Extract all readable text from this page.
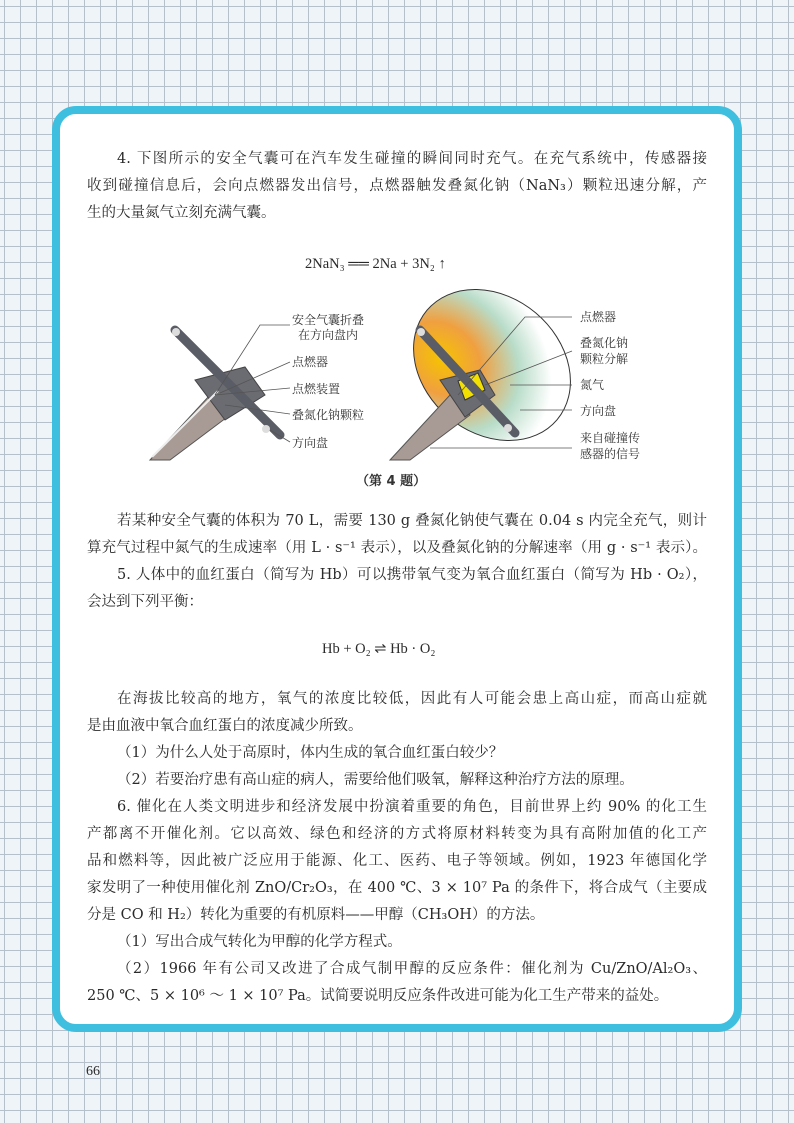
4. 下图所示的安全气囊可在汽车发生碰撞的瞬间同时充气。在充气系统中，传感器接
收到碰撞信息后，会向点燃器发出信号，点燃器触发叠氮化钠（NaN₃）颗粒迅速分解，产
生的大量氮气立刻充满气囊。
2NaN₃ ══ 2Na + 3N₂ ↑
安全气囊折叠
在方向盘内
点燃器
点燃装置
叠氮化钠颗粒
方向盘
点燃器
叠氮化钠
颗粒分解
氮气
方向盘
来自碰撞传
感器的信号
（第 4 题）
若某种安全气囊的体积为 70 L，需要 130 g 叠氮化钠使气囊在 0.04 s 内完全充气，则计
算充气过程中氮气的生成速率（用 L · s⁻¹ 表示），以及叠氮化钠的分解速率（用 g · s⁻¹ 表示）。
5. 人体中的血红蛋白（简写为 Hb）可以携带氧气变为氧合血红蛋白（简写为 Hb · O₂），
会达到下列平衡：
Hb + O₂ ⇌ Hb · O₂
在海拔比较高的地方，氧气的浓度比较低，因此有人可能会患上高山症，而高山症就
是由血液中氧合血红蛋白的浓度减少所致。
（1）为什么人处于高原时，体内生成的氧合血红蛋白较少？
（2）若要治疗患有高山症的病人，需要给他们吸氧，解释这种治疗方法的原理。
6. 催化在人类文明进步和经济发展中扮演着重要的角色，目前世界上约 90% 的化工生
产都离不开催化剂。它以高效、绿色和经济的方式将原材料转变为具有高附加值的化工产
品和燃料等，因此被广泛应用于能源、化工、医药、电子等领域。例如，1923 年德国化学
家发明了一种使用催化剂 ZnO/Cr₂O₃，在 400 ℃、3 × 10⁷ Pa 的条件下，将合成气（主要成
分是 CO 和 H₂）转化为重要的有机原料——甲醇（CH₃OH）的方法。
（1）写出合成气转化为甲醇的化学方程式。
（2）1966 年有公司又改进了合成气制甲醇的反应条件：催化剂为 Cu/ZnO/Al₂O₃、
250 ℃、5 × 10⁶ ～ 1 × 10⁷ Pa。试简要说明反应条件改进可能为化工生产带来的益处。
66
